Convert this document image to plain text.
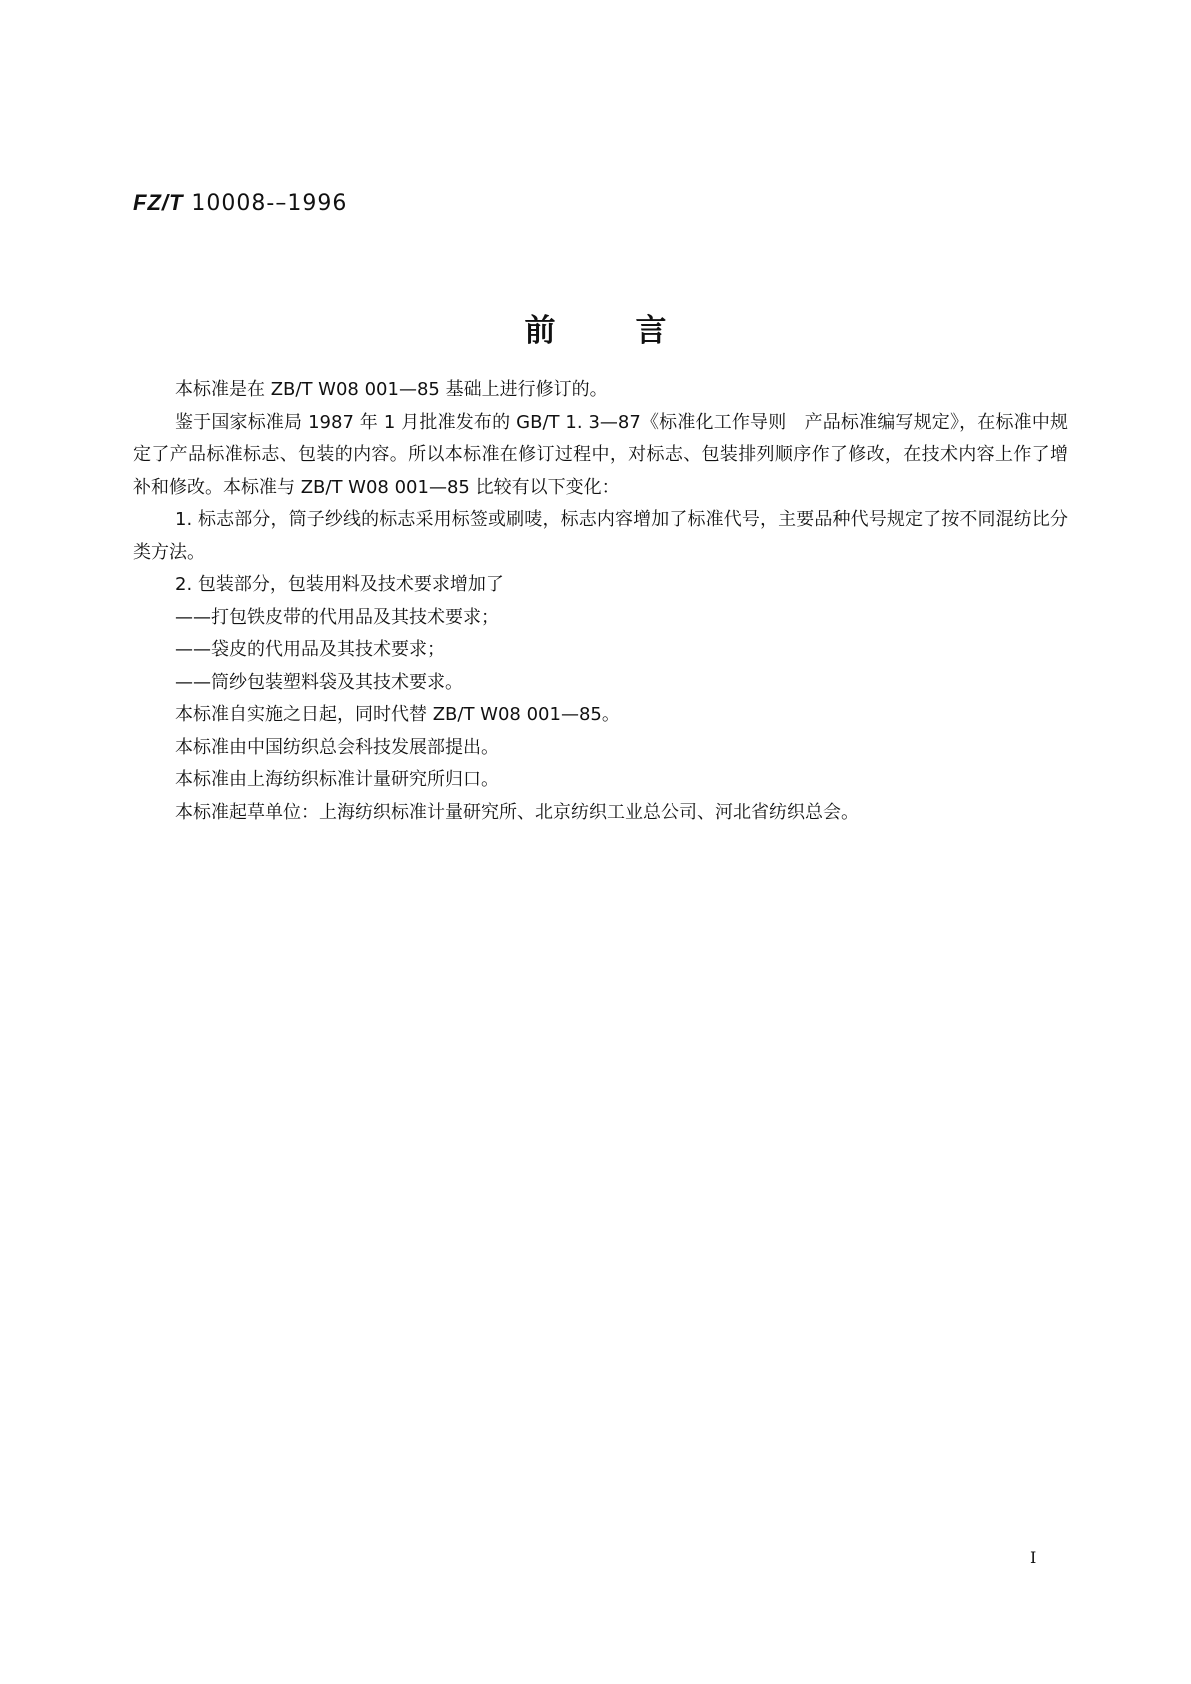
FZ/T 10008-–1996
前言

本标准是在 ZB/T W08 001—85 基础上进行修订的。

鉴于国家标准局 1987 年 1 月批准发布的 GB/T 1. 3—87《标准化工作导则　产品标准编写规定》，在标准中规定了产品标准标志、包装的内容。所以本标准在修订过程中，对标志、包装排列顺序作了修改，在技术内容上作了增补和修改。本标准与 ZB/T W08 001—85 比较有以下变化：

1. 标志部分，筒子纱线的标志采用标签或刷唛，标志内容增加了标准代号，主要品种代号规定了按不同混纺比分类方法。

2. 包装部分，包装用料及技术要求增加了

——打包铁皮带的代用品及其技术要求；

——袋皮的代用品及其技术要求；

——筒纱包装塑料袋及其技术要求。

本标准自实施之日起，同时代替 ZB/T W08 001—85。

本标准由中国纺织总会科技发展部提出。

本标准由上海纺织标准计量研究所归口。

本标准起草单位：上海纺织标准计量研究所、北京纺织工业总公司、河北省纺织总会。

I
